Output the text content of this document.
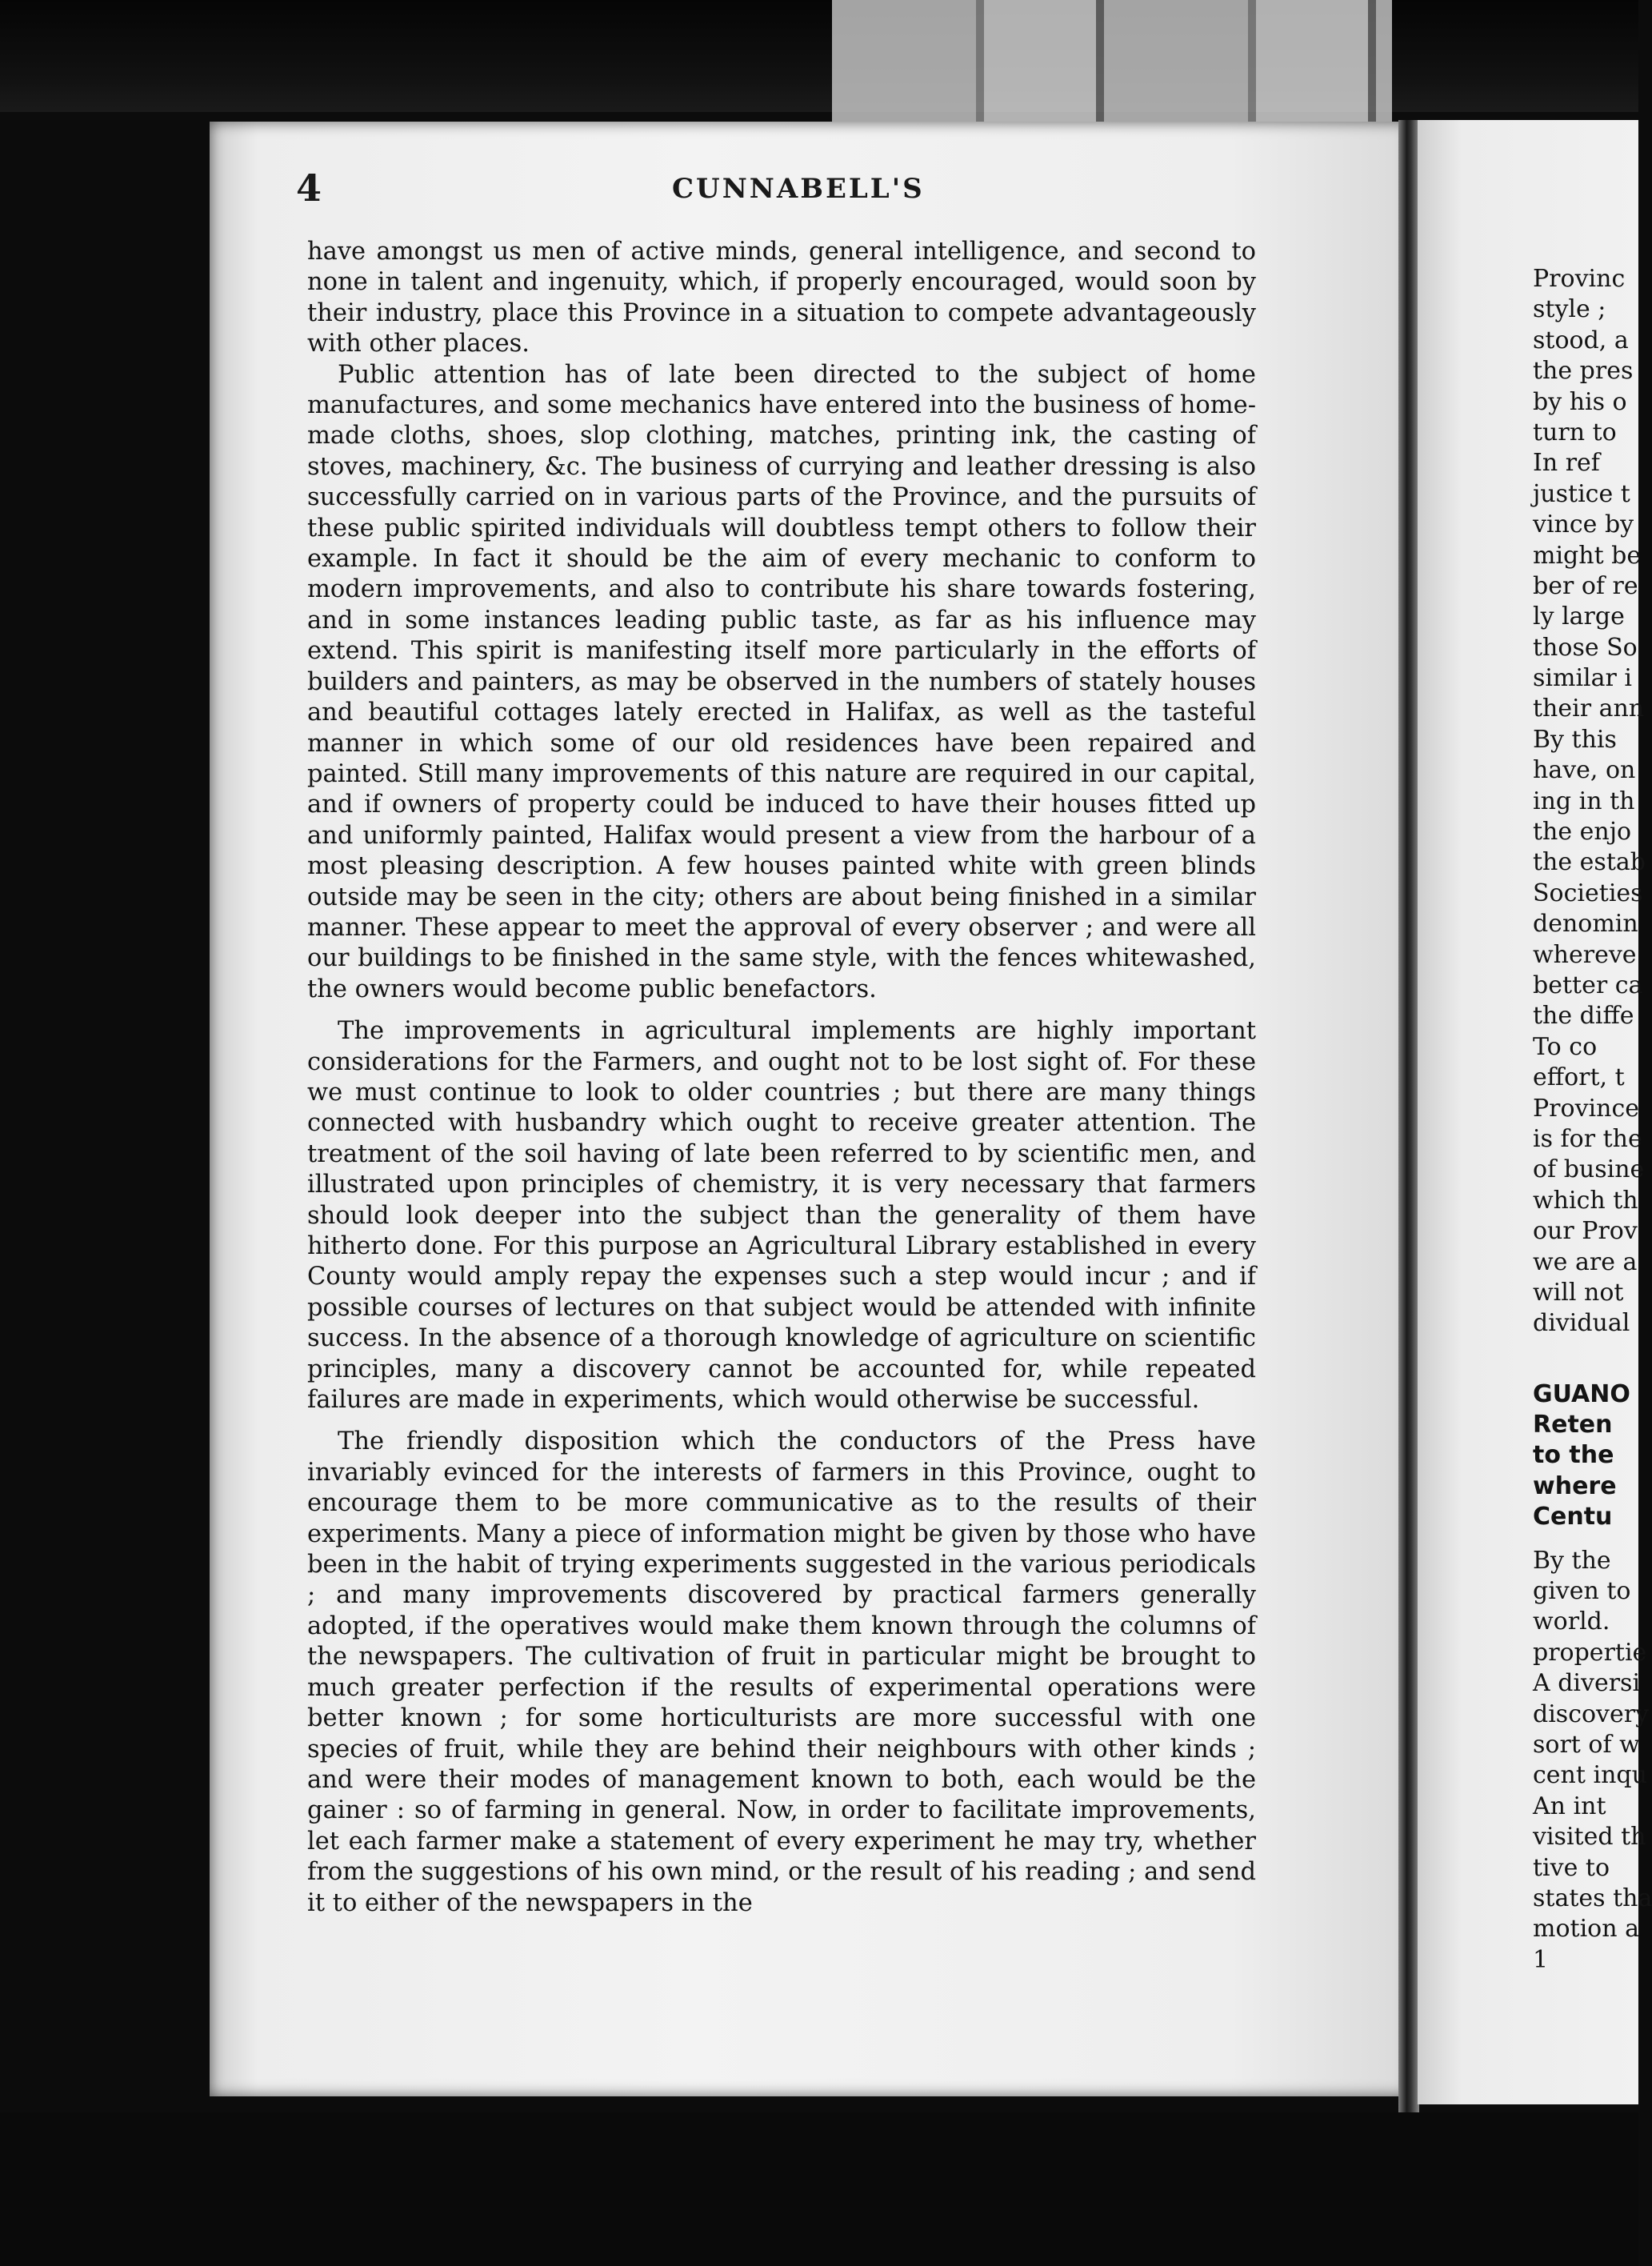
4	CUNNABELL'S

have amongst us men of active minds, general intelligence, and second to none in talent and ingenuity, which, if properly encouraged, would soon by their industry, place this Province in a situation to compete advantageously with other places.

Public attention has of late been directed to the subject of home manufactures, and some mechanics have entered into the business of home-made cloths, shoes, slop clothing, matches, printing ink, the casting of stoves, machinery, &c. The business of currying and leather dressing is also successfully carried on in various parts of the Province, and the pursuits of these public spirited individuals will doubtless tempt others to follow their example. In fact it should be the aim of every mechanic to conform to modern improvements, and also to contribute his share towards fostering, and in some instances leading public taste, as far as his influence may extend. This spirit is manifesting itself more particularly in the efforts of builders and painters, as may be observed in the numbers of stately houses and beautiful cottages lately erected in Halifax, as well as the tasteful manner in which some of our old residences have been repaired and painted. Still many improvements of this nature are required in our capital, and if owners of property could be induced to have their houses fitted up and uniformly painted, Halifax would present a view from the harbour of a most pleasing description. A few houses painted white with green blinds outside may be seen in the city; others are about being finished in a similar manner. These appear to meet the approval of every observer ; and were all our buildings to be finished in the same style, with the fences whitewashed, the owners would become public benefactors.

The improvements in agricultural implements are highly important considerations for the Farmers, and ought not to be lost sight of. For these we must continue to look to older countries ; but there are many things connected with husbandry which ought to receive greater attention. The treatment of the soil having of late been referred to by scientific men, and illustrated upon principles of chemistry, it is very necessary that farmers should look deeper into the subject than the generality of them have hitherto done. For this purpose an Agricultural Library established in every County would amply repay the expenses such a step would incur ; and if possible courses of lectures on that subject would be attended with infinite success. In the absence of a thorough knowledge of agriculture on scientific principles, many a discovery cannot be accounted for, while repeated failures are made in experiments, which would otherwise be successful.

The friendly disposition which the conductors of the Press have invariably evinced for the interests of farmers in this Province, ought to encourage them to be more communicative as to the results of their experiments. Many a piece of information might be given by those who have been in the habit of trying experiments suggested in the various periodicals ; and many improvements discovered by practical farmers generally adopted, if the operatives would make them known through the columns of the newspapers. The cultivation of fruit in particular might be brought to much greater perfection if the results of experimental operations were better known ; for some horticulturists are more successful with one species of fruit, while they are behind their neighbours with other kinds ; and were their modes of management known to both, each would be the gainer : so of farming in general. Now, in order to facilitate improvements, let each farmer make a statement of every experiment he may try, whether from the suggestions of his own mind, or the result of his reading ; and send it to either of the newspapers in the

Provinc
style ;
stood, a
the pres
by his o
turn to
In ref
justice t
vince by
might be
ber of re
ly large
those So
similar i
their ann
By this
have, on
ing in th
the enjo
the estab
Societies
denomin
whereve
better ca
the diffe
To co
effort, t
Province
is for the
of busine
which th
our Prov
we are a
will not
dividual
GUANO
Reten
to the
where
Centu
By the
given to
world.
propertie
A diversi
discovery
sort of w
cent inqu
An int
visited th
tive to
states tha
motion a
1
